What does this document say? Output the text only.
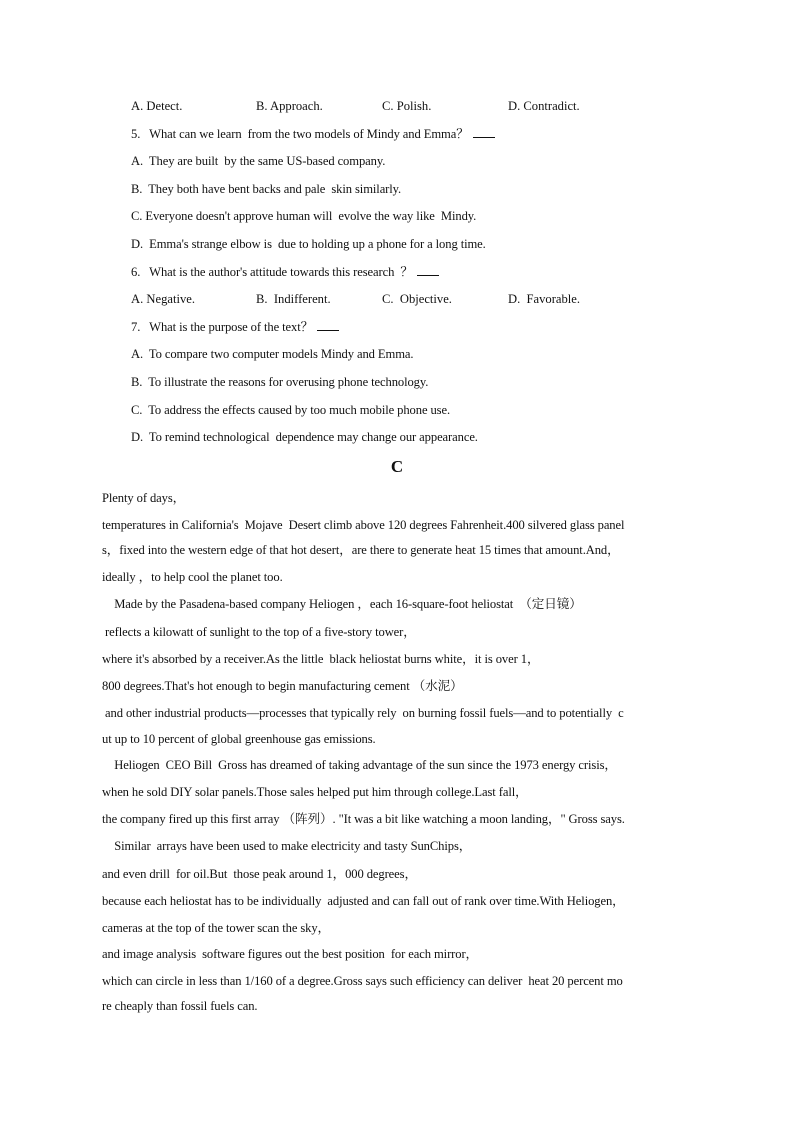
A. Detect.	B. Approach.	C. Polish.	D. Contradict.
5.   What can we learn  from the two models of Mindy and Emma？
A.  They are built  by the same US-based company.
B.  They both have bent backs and pale  skin similarly.
C. Everyone doesn't approve human will  evolve the way like  Mindy.
D.  Emma's strange elbow is  due to holding up a phone for a long time.
6.   What is the author's attitude towards this research  ？
A. Negative.	B.  Indifferent.	C.  Objective.	D.  Favorable.
7.   What is the purpose of the text？
A.  To compare two computer models Mindy and Emma.
B.  To illustrate the reasons for overusing phone technology.
C.  To address the effects caused by too much mobile phone use.
D.  To remind technological  dependence may change our appearance.
C
Plenty of days，
temperatures in California's  Mojave  Desert climb above 120 degrees Fahrenheit.400 silvered glass panel
s，fixed into the western edge of that hot desert，are there to generate heat 15 times that amount.And，
ideally ，to help cool the planet too.
Made by the Pasadena-based company Heliogen ，each 16-square-foot heliostat  （定日镜）
reflects a kilowatt of sunlight to the top of a five-story tower，
where it's absorbed by a receiver.As the little  black heliostat burns white，it is over 1，
800 degrees.That's hot enough to begin manufacturing cement （水泥）
and other industrial products—processes that typically rely  on burning fossil fuels—and to potentially  c
ut up to 10 percent of global greenhouse gas emissions.
Heliogen  CEO Bill  Gross has dreamed of taking advantage of the sun since the 1973 energy crisis，
when he sold DIY solar panels.Those sales helped put him through college.Last fall，
the company fired up this first array （阵列）. "It was a bit like watching a moon landing，" Gross says.
Similar  arrays have been used to make electricity and tasty SunChips，
and even drill  for oil.But  those peak around 1，000 degrees，
because each heliostat has to be individually  adjusted and can fall out of rank over time.With Heliogen，
cameras at the top of the tower scan the sky，
and image analysis  software figures out the best position  for each mirror，
which can circle in less than 1/160 of a degree.Gross says such efficiency can deliver  heat 20 percent mo
re cheaply than fossil fuels can.
